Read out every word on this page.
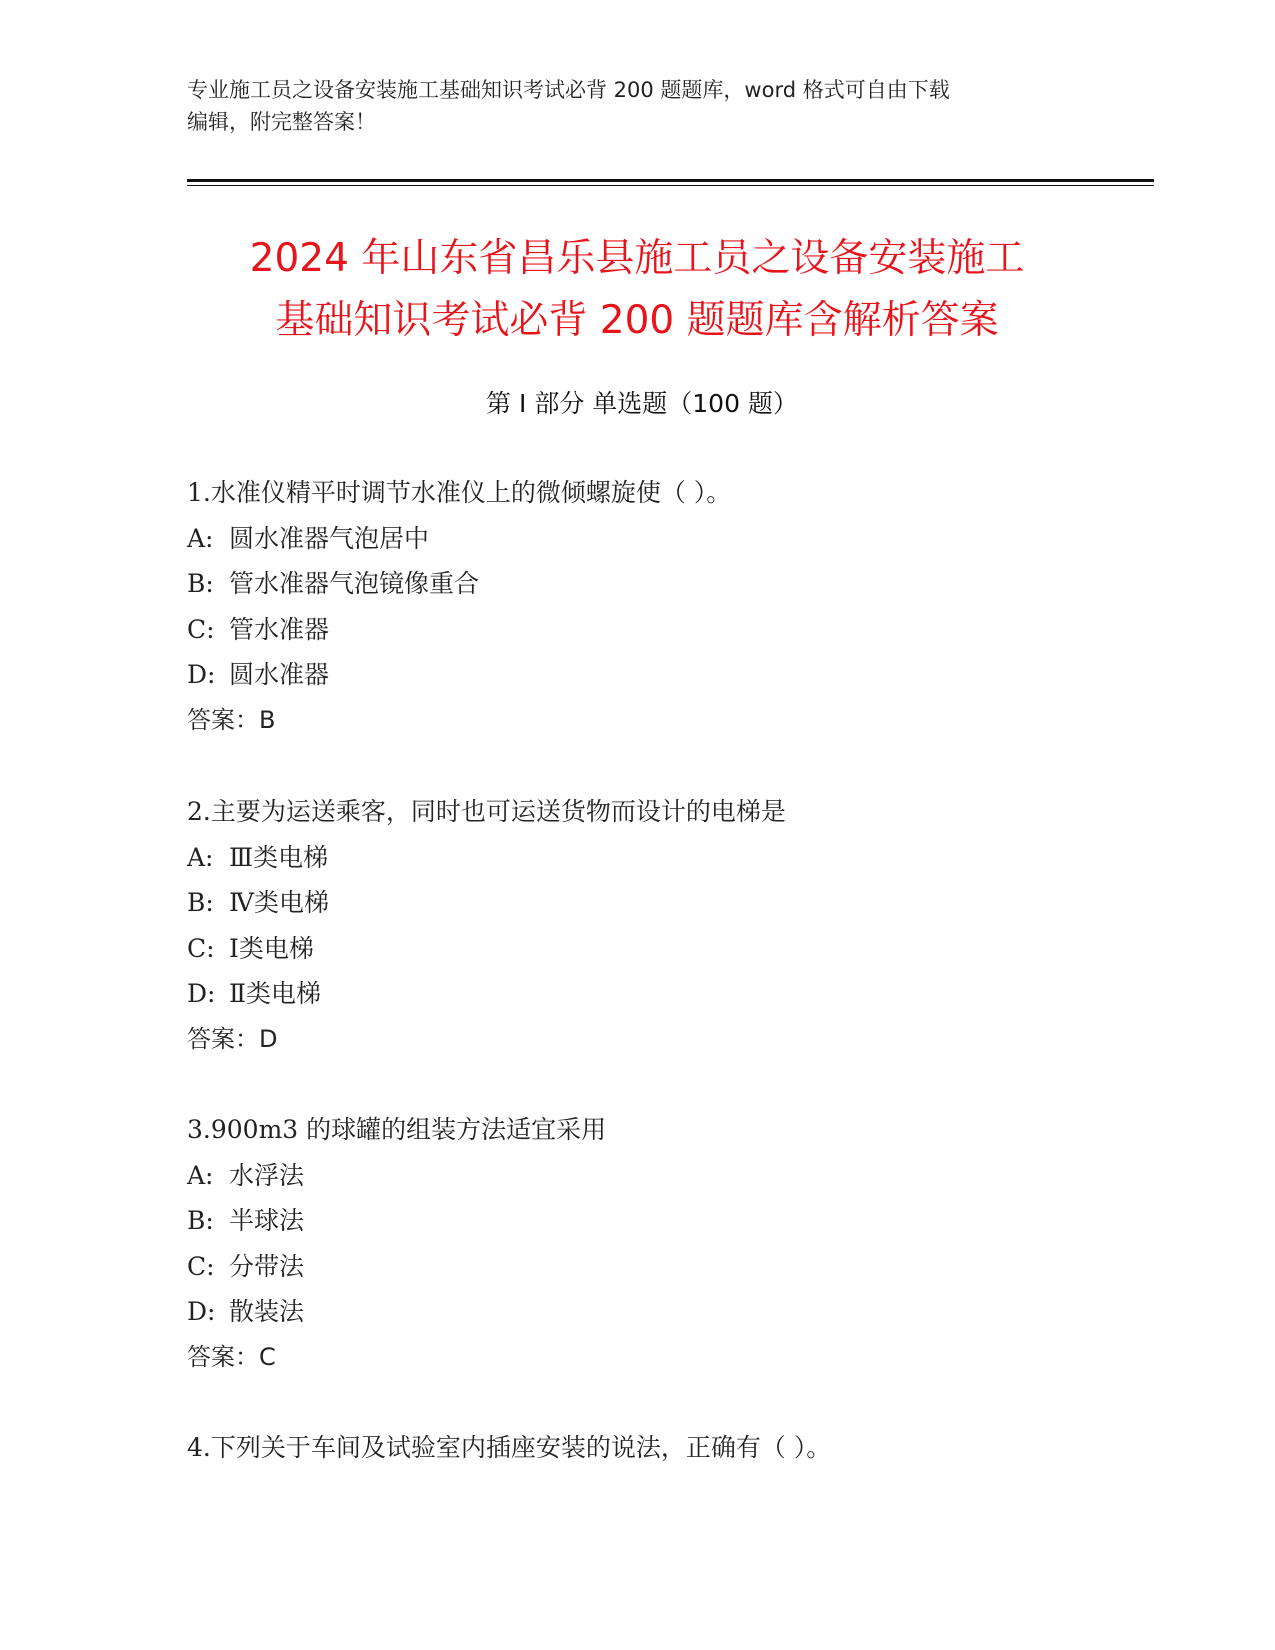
专业施工员之设备安装施工基础知识考试必背 200 题题库，word 格式可自由下载
编辑，附完整答案！
2024 年山东省昌乐县施工员之设备安装施工
基础知识考试必背 200 题题库含解析答案
第 I 部分 单选题（100 题）
1.水准仪精平时调节水准仪上的微倾螺旋使（ ）。
A: 圆水准器气泡居中
B: 管水准器气泡镜像重合
C: 管水准器
D: 圆水准器
答案：B
2.主要为运送乘客，同时也可运送货物而设计的电梯是
A: Ⅲ类电梯
B: Ⅳ类电梯
C: Ⅰ类电梯
D: Ⅱ类电梯
答案：D
3.900m3 的球罐的组装方法适宜采用
A: 水浮法
B: 半球法
C: 分带法
D: 散装法
答案：C
4.下列关于车间及试验室内插座安装的说法，正确有（ ）。
